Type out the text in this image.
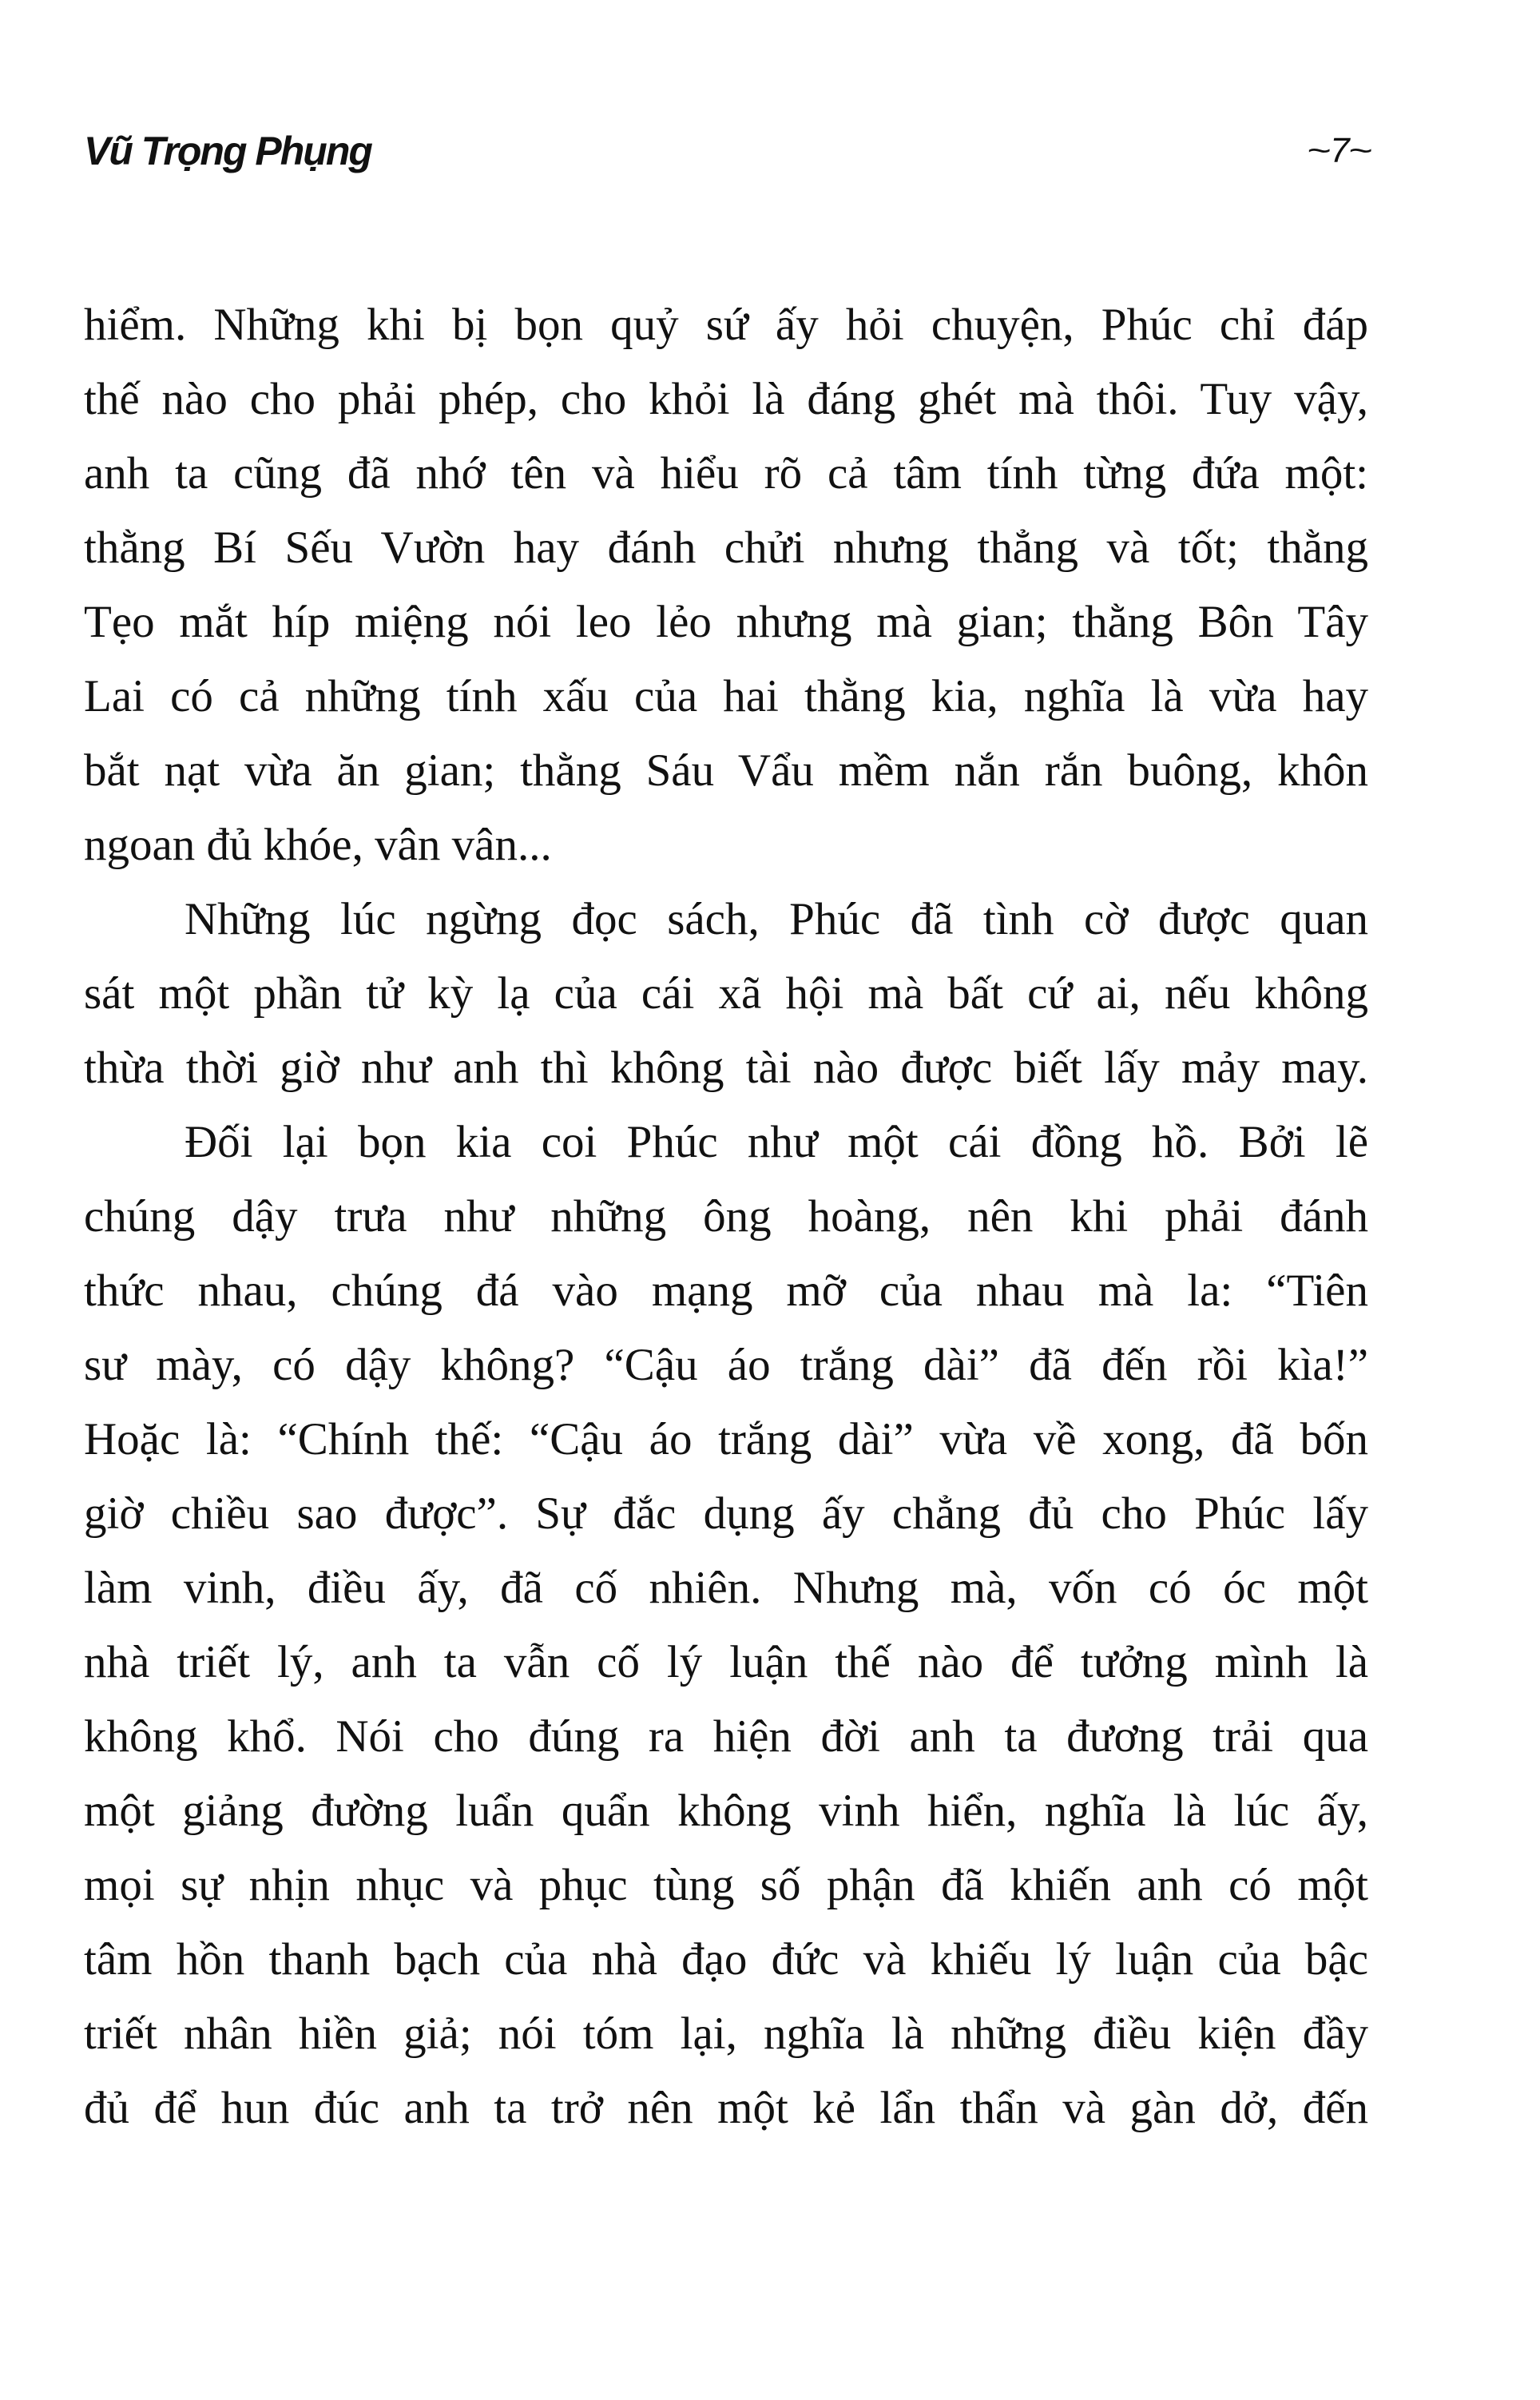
Vũ Trọng Phụng	~
7
~
hiểm. Những khi bị bọn quỷ sứ ấy hỏi chuyện, Phúc chỉ đáp
thế nào cho phải phép, cho khỏi là đáng ghét mà thôi. Tuy vậy,
anh ta cũng đã nhớ tên và hiểu rõ cả tâm tính từng đứa một:
thằng Bí Sếu Vườn hay đánh chửi nhưng thẳng và tốt; thằng
Tẹo mắt híp miệng nói leo lẻo nhưng mà gian; thằng Bôn Tây
Lai có cả những tính xấu của hai thằng kia, nghĩa là vừa hay
bắt nạt vừa ăn gian; thằng Sáu Vẩu mềm nắn rắn buông, khôn
ngoan đủ khóe, vân vân...
Những lúc ngừng đọc sách, Phúc đã tình cờ được quan
sát một phần tử kỳ lạ của cái xã hội mà bất cứ ai, nếu không
thừa thời giờ như anh thì không tài nào được biết lấy mảy may.
Đối lại bọn kia coi Phúc như một cái đồng hồ. Bởi lẽ
chúng dậy trưa như những ông hoàng, nên khi phải đánh
thức nhau, chúng đá vào mạng mỡ của nhau mà la: “Tiên
sư mày, có dậy không? “Cậu áo trắng dài” đã đến rồi kìa!”
Hoặc là: “Chính thế: “Cậu áo trắng dài” vừa về xong, đã bốn
giờ chiều sao được”. Sự đắc dụng ấy chẳng đủ cho Phúc lấy
làm vinh, điều ấy, đã cố nhiên. Nhưng mà, vốn có óc một
nhà triết lý, anh ta vẫn cố lý luận thế nào để tưởng mình là
không khổ. Nói cho đúng ra hiện đời anh ta đương trải qua
một giảng đường luẩn quẩn không vinh hiển, nghĩa là lúc ấy,
mọi sự nhịn nhục và phục tùng số phận đã khiến anh có một
tâm hồn thanh bạch của nhà đạo đức và khiếu lý luận của bậc
triết nhân hiền giả; nói tóm lại, nghĩa là những điều kiện đầy
đủ để hun đúc anh ta trở nên một kẻ lẩn thẩn và gàn dở, đến
